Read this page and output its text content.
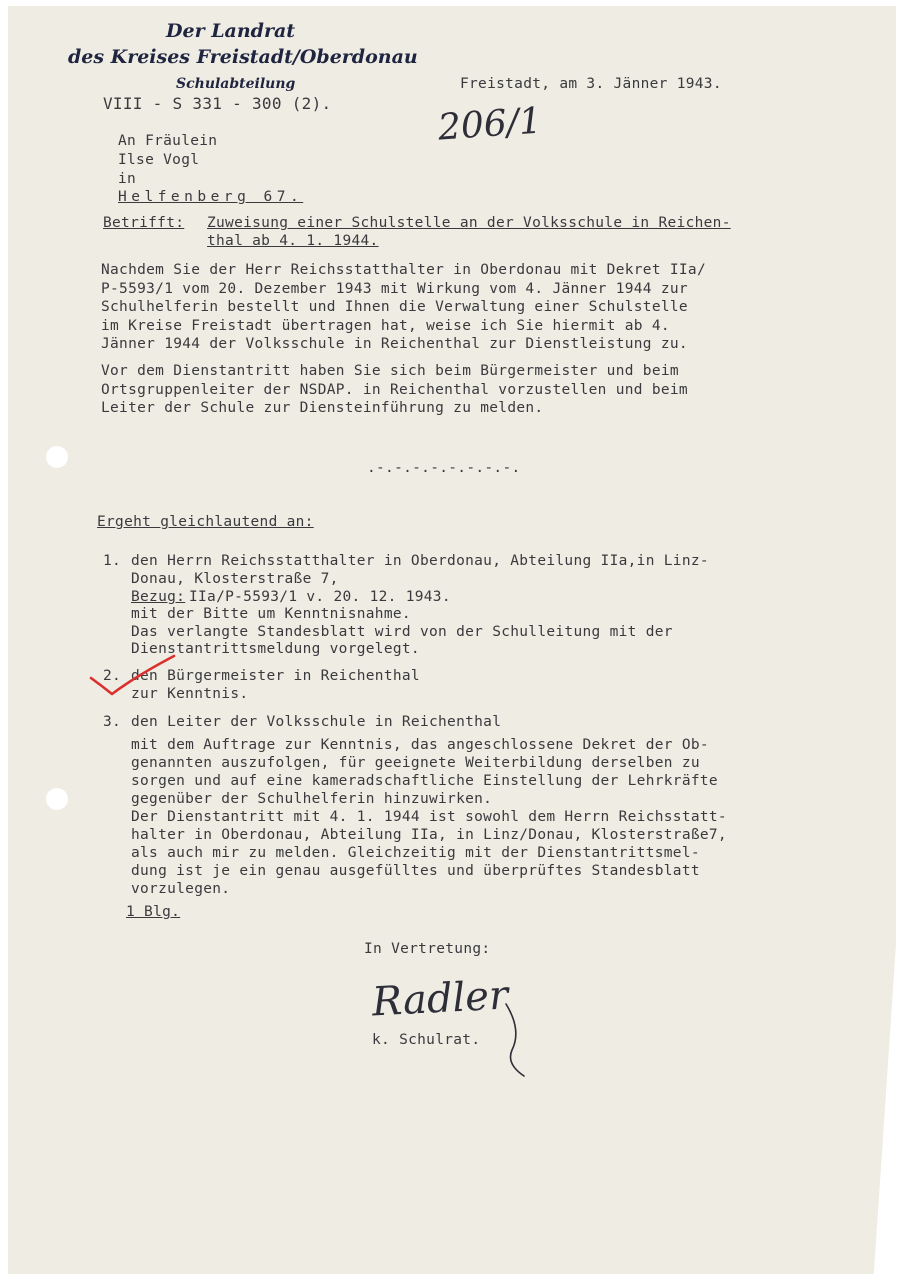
Der Landrat
des Kreises Freistadt/Oberdonau
Schulabteilung
VIII - S 331 - 300 (2).
Freistadt, am 3. Jänner 1943.
206/1
An Fräulein
Ilse Vogl
in
Helfenberg 67.
Betrifft: Zuweisung einer Schulstelle an der Volksschule in Reichen-
thal ab 4. 1. 1944.
Nachdem Sie der Herr Reichsstatthalter in Oberdonau mit Dekret IIa/
P-5593/1 vom 20. Dezember 1943 mit Wirkung vom 4. Jänner 1944 zur
Schulhelferin bestellt und Ihnen die Verwaltung einer Schulstelle
im Kreise Freistadt übertragen hat, weise ich Sie hiermit ab 4.
Jänner 1944 der Volksschule in Reichenthal zur Dienstleistung zu.
Vor dem Dienstantritt haben Sie sich beim Bürgermeister und beim
Ortsgruppenleiter der NSDAP. in Reichenthal vorzustellen und beim
Leiter der Schule zur Diensteinführung zu melden.
.-.-.-.-.-.-.-.-.
Ergeht gleichlautend an:
1. den Herrn Reichsstatthalter in Oberdonau, Abteilung IIa,in Linz-
Donau, Klosterstraße 7,
Bezug: IIa/P-5593/1 v. 20. 12. 1943.
mit der Bitte um Kenntnisnahme.
Das verlangte Standesblatt wird von der Schulleitung mit der
Dienstantrittsmeldung vorgelegt.
2. den Bürgermeister in Reichenthal
zur Kenntnis.
3. den Leiter der Volksschule in Reichenthal
mit dem Auftrage zur Kenntnis, das angeschlossene Dekret der Ob-
genannten auszufolgen, für geeignete Weiterbildung derselben zu
sorgen und auf eine kameradschaftliche Einstellung der Lehrkräfte
gegenüber der Schulhelferin hinzuwirken.
Der Dienstantritt mit 4. 1. 1944 ist sowohl dem Herrn Reichsstatt-
halter in Oberdonau, Abteilung IIa, in Linz/Donau, Klosterstraße7,
als auch mir zu melden. Gleichzeitig mit der Dienstantrittsmel-
dung ist je ein genau ausgefülltes und überprüftes Standesblatt
vorzulegen.
1 Blg.
In Vertretung:
Radler
k. Schulrat.
